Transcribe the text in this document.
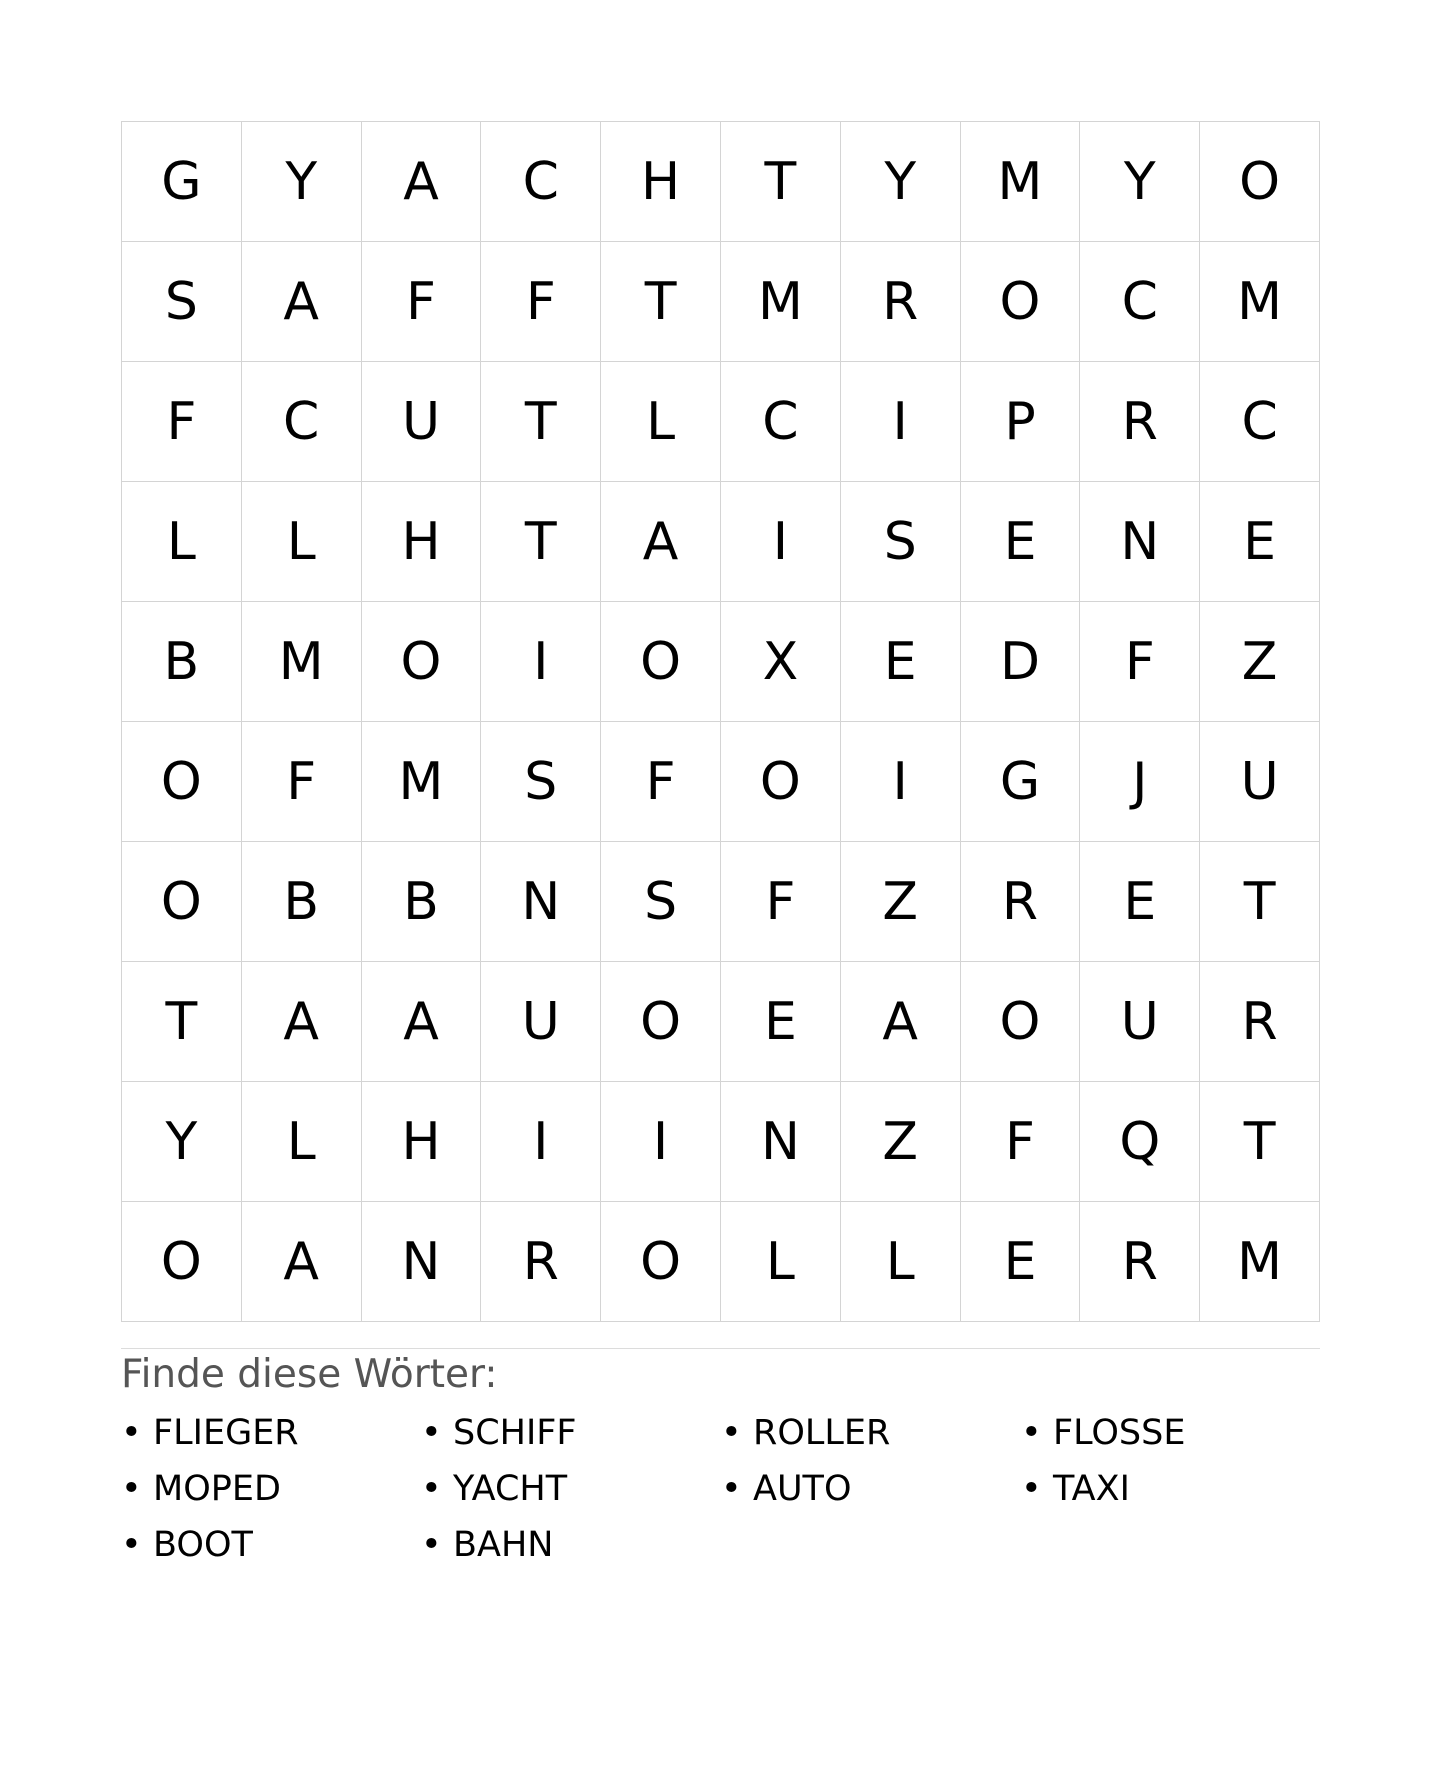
G	Y	A	C	H	T	Y	M	Y	O
S	A	F	F	T	M	R	O	C	M
F	C	U	T	L	C	I	P	R	C
L	L	H	T	A	I	S	E	N	E
B	M	O	I	O	X	E	D	F	Z
O	F	M	S	F	O	I	G	J	U
O	B	B	N	S	F	Z	R	E	T
T	A	A	U	O	E	A	O	U	R
Y	L	H	I	I	N	Z	F	Q	T
O	A	N	R	O	L	L	E	R	M
Finde diese Wörter:
• FLIEGER	• SCHIFF	• ROLLER	• FLOSSE
• MOPED	• YACHT	• AUTO	• TAXI
• BOOT	• BAHN
